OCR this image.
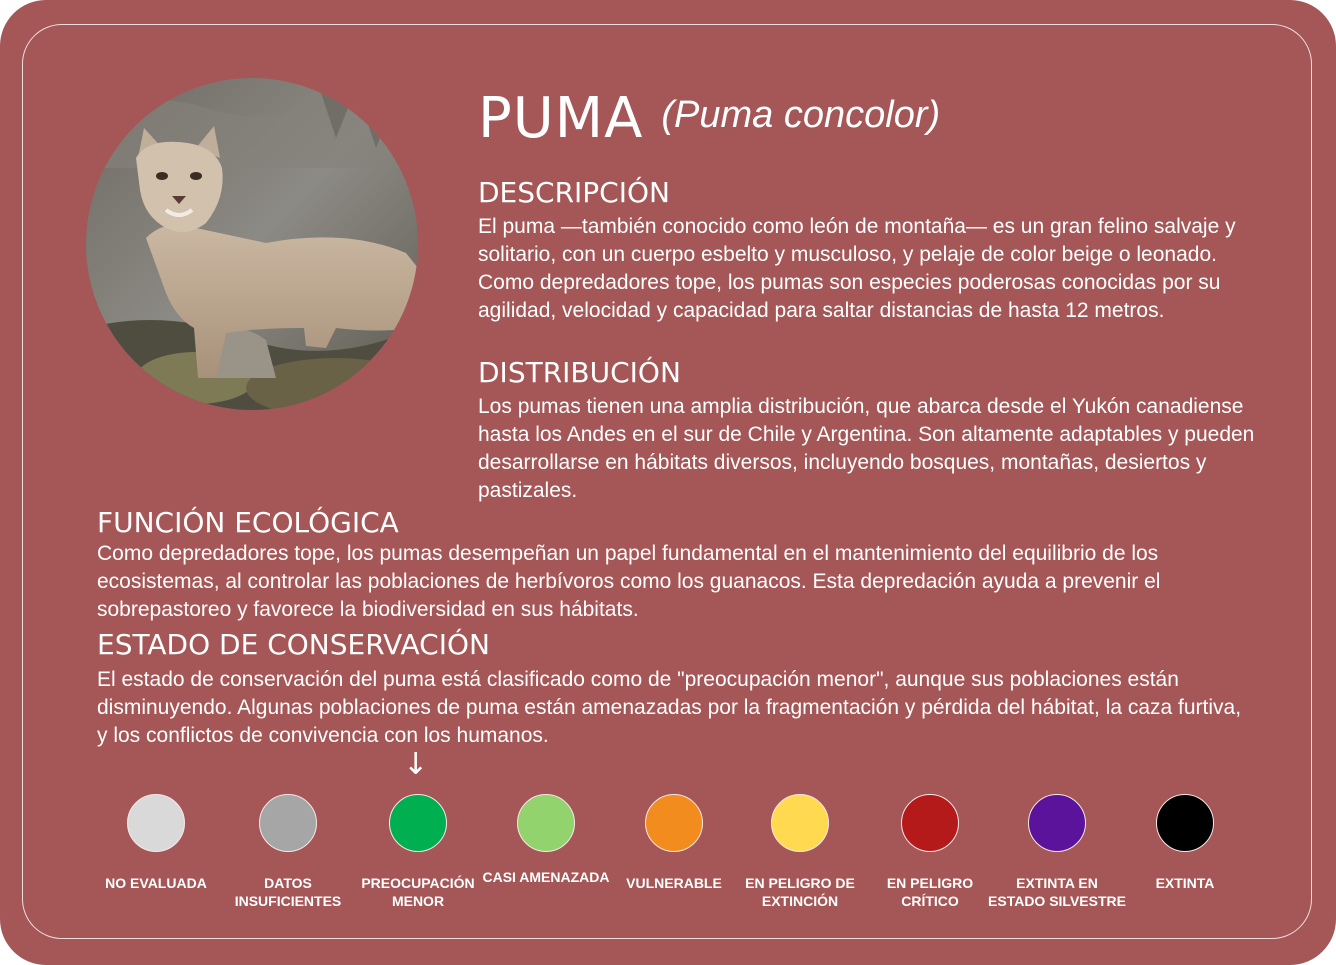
PUMA (Puma concolor)
DESCRIPCIÓN

El puma —también conocido como león de montaña— es un gran felino salvaje y solitario, con un cuerpo esbelto y musculoso, y pelaje de color beige o leonado. Como depredadores tope, los pumas son especies poderosas conocidas por su agilidad, velocidad y capacidad para saltar distancias de hasta 12 metros.

DISTRIBUCIÓN

Los pumas tienen una amplia distribución, que abarca desde el Yukón canadiense hasta los Andes en el sur de Chile y Argentina. Son altamente adaptables y pueden desarrollarse en hábitats diversos, incluyendo bosques, montañas, desiertos y pastizales.

FUNCIÓN ECOLÓGICA

Como depredadores tope, los pumas desempeñan un papel fundamental en el mantenimiento del equilibrio de los ecosistemas, al controlar las poblaciones de herbívoros como los guanacos. Esta depredación ayuda a prevenir el sobrepastoreo y favorece la biodiversidad en sus hábitats.

ESTADO DE CONSERVACIÓN

El estado de conservación del puma está clasificado como de "preocupación menor", aunque sus poblaciones están disminuyendo. Algunas poblaciones de puma están amenazadas por la fragmentación y pérdida del hábitat, la caza furtiva, y los conflictos de convivencia con los humanos.

↓
NO EVALUADA	DATOS INSUFICIENTES
PREOCUPACIÓN MENOR
CASI AMENAZADA	VULNERABLE	EN PELIGRO DE EXTINCIÓN
EN PELIGRO CRÍTICO
EXTINTA EN ESTADO SILVESTRE
EXTINTA
